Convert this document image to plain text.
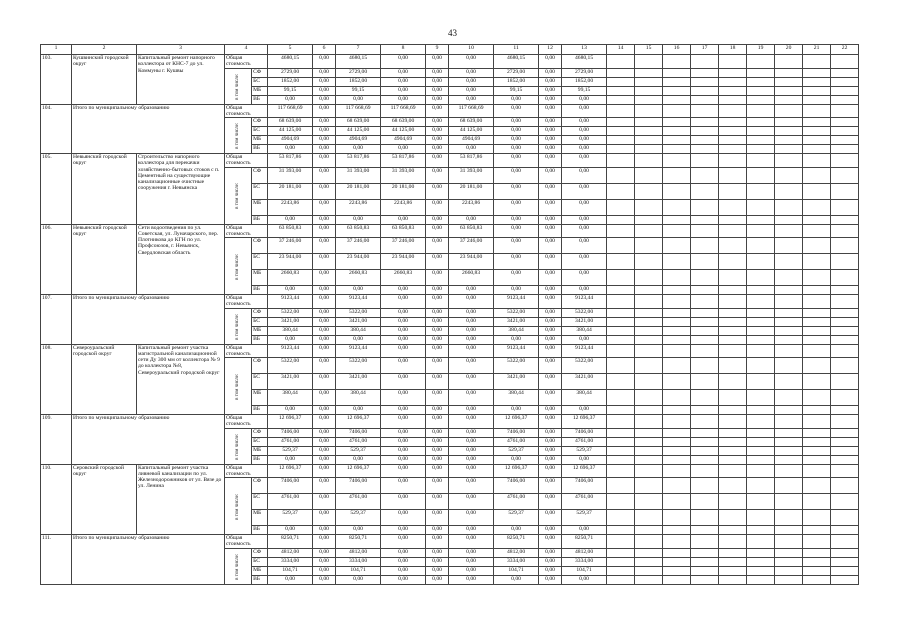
43
1	2	3	4		5	6	7	8	9	10	11	12	13	14	15	16	17	18	19	20	21	22
103.	Кушвинский городской округ	Капитальный ремонт напорного коллектора от КНС-7 до ул. Коммуны г. Кушвы	Общая стоимость		4680,15	0,00	4680,15	0,00	0,00	0,00	4680,15	0,00	4680,15									
			в том числе:	СФ	2729,00	0,00	2729,00	0,00	0,00	0,00	2729,00	0,00	2729,00									
				БС	1852,00	0,00	1852,00	0,00	0,00	0,00	1852,00	0,00	1852,00									
				МБ	99,15	0,00	99,15	0,00	0,00	0,00	99,15	0,00	99,15									
				ВБ	0,00	0,00	0,00	0,00	0,00	0,00	0,00	0,00	0,00									
104.	Итого по муниципальному образованию		Общая стоимость		117 668,69	0,00	117 668,69	117 668,69	0,00	117 668,69	0,00	0,00	0,00									
			в том числе:	СФ	68 639,00	0,00	68 639,00	68 639,00	0,00	68 639,00	0,00	0,00	0,00									
				БС	44 125,00	0,00	44 125,00	44 125,00	0,00	44 125,00	0,00	0,00	0,00									
				МБ	4904,69	0,00	4904,69	4904,69	0,00	4904,69	0,00	0,00	0,00									
				ВБ	0,00	0,00	0,00	0,00	0,00	0,00	0,00	0,00	0,00									
105.	Невьянский городской округ	Строительство напорного коллектора для перекачки хозяйственно-бытовых стоков с п. Цементный на существующие канализационные очистные сооружения г. Невьянска	Общая стоимость		53 817,86	0,00	53 817,86	53 817,86	0,00	53 817,86	0,00	0,00	0,00									
			в том числе:	СФ	31 393,00	0,00	31 393,00	31 393,00	0,00	31 393,00	0,00	0,00	0,00									
				БС	20 181,00	0,00	20 181,00	20 181,00	0,00	20 181,00	0,00	0,00	0,00									
				МБ	2243,86	0,00	2243,86	2243,86	0,00	2243,86	0,00	0,00	0,00									
				ВБ	0,00	0,00	0,00	0,00	0,00	0,00	0,00	0,00	0,00									
106.	Невьянский городской округ	Сети водоотведения по ул. Советская, ул. Луначарского, пер. Плотникова до КГН по ул. Профсоюзов, г. Невьянск, Свердловская область	Общая стоимость		63 850,83	0,00	63 850,83	63 850,83	0,00	63 850,83	0,00	0,00	0,00									
			в том числе:	СФ	37 246,00	0,00	37 246,00	37 246,00	0,00	37 246,00	0,00	0,00	0,00									
				БС	23 944,00	0,00	23 944,00	23 944,00	0,00	23 944,00	0,00	0,00	0,00									
				МБ	2660,83	0,00	2660,83	2660,83	0,00	2660,83	0,00	0,00	0,00									
				ВБ	0,00	0,00	0,00	0,00	0,00	0,00	0,00	0,00	0,00									
107.	Итого по муниципальному образованию		Общая стоимость		9123,44	0,00	9123,44	0,00	0,00	0,00	9123,44	0,00	9123,44									
			в том числе:	СФ	5322,00	0,00	5322,00	0,00	0,00	0,00	5322,00	0,00	5322,00									
				БС	3421,00	0,00	3421,00	0,00	0,00	0,00	3421,00	0,00	3421,00									
				МБ	380,44	0,00	380,44	0,00	0,00	0,00	380,44	0,00	380,44									
				ВБ	0,00	0,00	0,00	0,00	0,00	0,00	0,00	0,00	0,00									
108.	Североуральский городской округ	Капитальный ремонт участка магистральной канализационной сети Ду 300 мм от коллектора № 9 до коллектора №8, Североуральский городской округ	Общая стоимость		9123,44	0,00	9123,44	0,00	0,00	0,00	9123,44	0,00	9123,44									
			в том числе:	СФ	5322,00	0,00	5322,00	0,00	0,00	0,00	5322,00	0,00	5322,00									
				БС	3421,00	0,00	3421,00	0,00	0,00	0,00	3421,00	0,00	3421,00									
				МБ	380,44	0,00	380,44	0,00	0,00	0,00	380,44	0,00	380,44									
				ВБ	0,00	0,00	0,00	0,00	0,00	0,00	0,00	0,00	0,00									
109.	Итого по муниципальному образованию		Общая стоимость		12 696,37	0,00	12 696,37	0,00	0,00	0,00	12 696,37	0,00	12 696,37									
			в том числе:	СФ	7406,00	0,00	7406,00	0,00	0,00	0,00	7406,00	0,00	7406,00									
				БС	4761,00	0,00	4761,00	0,00	0,00	0,00	4761,00	0,00	4761,00									
				МБ	529,37	0,00	529,37	0,00	0,00	0,00	529,37	0,00	529,37									
				ВБ	0,00	0,00	0,00	0,00	0,00	0,00	0,00	0,00	0,00									
110.	Серовский городской округ	Капитальный ремонт участка ливневой канализации по ул. Железнодорожников от ул. Вязе до ул. Ленина	Общая стоимость		12 696,37	0,00	12 696,37	0,00	0,00	0,00	12 696,37	0,00	12 696,37									
			в том числе:	СФ	7406,00	0,00	7406,00	0,00	0,00	0,00	7406,00	0,00	7406,00									
				БС	4761,00	0,00	4761,00	0,00	0,00	0,00	4761,00	0,00	4761,00									
				МБ	529,37	0,00	529,37	0,00	0,00	0,00	529,37	0,00	529,37									
				ВБ	0,00	0,00	0,00	0,00	0,00	0,00	0,00	0,00	0,00									
111.	Итого по муниципальному образованию		Общая стоимость		8250,71	0,00	8250,71	0,00	0,00	0,00	8250,71	0,00	8250,71									
			в том числе:	СФ	4812,00	0,00	4812,00	0,00	0,00	0,00	4812,00	0,00	4812,00									
				БС	3334,00	0,00	3334,00	0,00	0,00	0,00	3334,00	0,00	3334,00									
				МБ	104,71	0,00	104,71	0,00	0,00	0,00	104,71	0,00	104,71									
				ВБ	0,00	0,00	0,00	0,00	0,00	0,00	0,00	0,00	0,00									
